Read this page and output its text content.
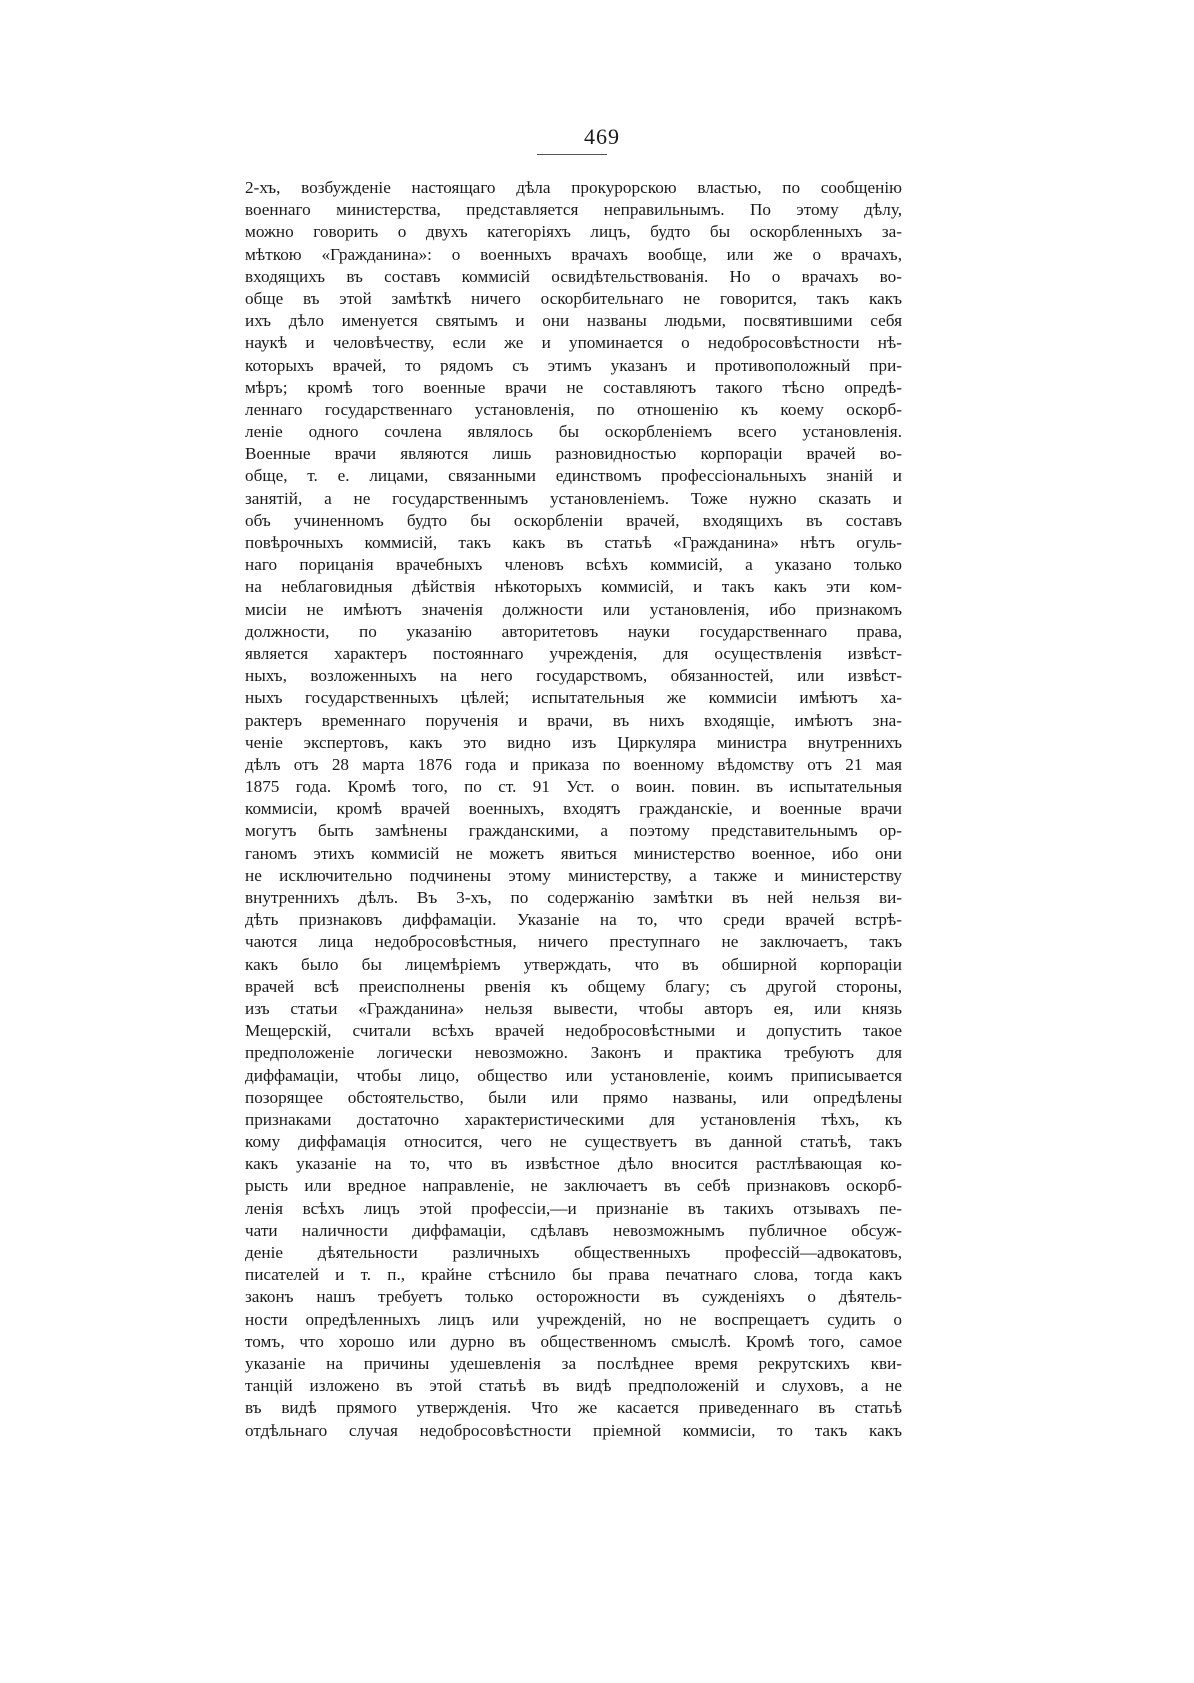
469
2-хъ, возбужденіе настоящаго дѣла прокурорскою властью, по сообщенію
военнаго министерства, представляется неправильнымъ. По этому дѣлу,
можно говорить о двухъ категоріяхъ лицъ, будто бы оскорбленныхъ за-
мѣткою «Гражданина»: о военныхъ врачахъ вообще, или же о врачахъ,
входящихъ въ составъ коммисій освидѣтельствованія. Но о врачахъ во-
обще въ этой замѣткѣ ничего оскорбительнаго не говорится, такъ какъ
ихъ дѣло именуется святымъ и они названы людьми, посвятившими себя
наукѣ и человѣчеству, если же и упоминается о недобросовѣстности нѣ-
которыхъ врачей, то рядомъ съ этимъ указанъ и противоположный при-
мѣръ; кромѣ того военные врачи не составляютъ такого тѣсно опредѣ-
леннаго государственнаго установленія, по отношенію къ коему оскорб-
леніе одного сочлена являлось бы оскорбленіемъ всего установленія.
Военные врачи являются лишь разновидностью корпораціи врачей во-
обще, т. е. лицами, связанными единствомъ профессіональныхъ знаній и
занятій, а не государственнымъ установленіемъ. Тоже нужно сказать и
объ учиненномъ будто бы оскорбленіи врачей, входящихъ въ составъ
повѣрочныхъ коммисій, такъ какъ въ статьѣ «Гражданина» нѣтъ огуль-
наго порицанія врачебныхъ членовъ всѣхъ коммисій, а указано только
на неблаговидныя дѣйствія нѣкоторыхъ коммисій, и такъ какъ эти ком-
мисіи не имѣютъ значенія должности или установленія, ибо признакомъ
должности, по указанію авторитетовъ науки государственнаго права,
является характеръ постояннаго учрежденія, для осуществленія извѣст-
ныхъ, возложенныхъ на него государствомъ, обязанностей, или извѣст-
ныхъ государственныхъ цѣлей; испытательныя же коммисіи имѣютъ ха-
рактеръ временнаго порученія и врачи, въ нихъ входящіе, имѣютъ зна-
ченіе экспертовъ, какъ это видно изъ Циркуляра министра внутреннихъ
дѣлъ отъ 28 марта 1876 года и приказа по военному вѣдомству отъ 21 мая
1875 года. Кромѣ того, по ст. 91 Уст. о воин. повин. въ испытательныя
коммисіи, кромѣ врачей военныхъ, входятъ гражданскіе, и военные врачи
могутъ быть замѣнены гражданскими, а поэтому представительнымъ ор-
ганомъ этихъ коммисій не можетъ явиться министерство военное, ибо они
не исключительно подчинены этому министерству, а также и министерству
внутреннихъ дѣлъ. Въ 3-хъ, по содержанію замѣтки въ ней нельзя ви-
дѣть признаковъ диффамаціи. Указаніе на то, что среди врачей встрѣ-
чаются лица недобросовѣстныя, ничего преступнаго не заключаетъ, такъ
какъ было бы лицемѣріемъ утверждать, что въ обширной корпораціи
врачей всѣ преисполнены рвенія къ общему благу; съ другой стороны,
изъ статьи «Гражданина» нельзя вывести, чтобы авторъ ея, или князь
Мещерскій, считали всѣхъ врачей недобросовѣстными и допустить такое
предположеніе логически невозможно. Законъ и практика требуютъ для
диффамаціи, чтобы лицо, общество или установленіе, коимъ приписывается
позорящее обстоятельство, были или прямо названы, или опредѣлены
признаками достаточно характеристическими для установленія тѣхъ, къ
кому диффамація относится, чего не существуетъ въ данной статьѣ, такъ
какъ указаніе на то, что въ извѣстное дѣло вносится растлѣвающая ко-
рысть или вредное направленіе, не заключаетъ въ себѣ признаковъ оскорб-
ленія всѣхъ лицъ этой профессіи,—и признаніе въ такихъ отзывахъ пе-
чати наличности диффамаціи, сдѣлавъ невозможнымъ публичное обсуж-
деніе дѣятельности различныхъ общественныхъ профессій—адвокатовъ,
писателей и т. п., крайне стѣснило бы права печатнаго слова, тогда какъ
законъ нашъ требуетъ только осторожности въ сужденіяхъ о дѣятель-
ности опредѣленныхъ лицъ или учрежденій, но не воспрещаетъ судить о
томъ, что хорошо или дурно въ общественномъ смыслѣ. Кромѣ того, самое
указаніе на причины удешевленія за послѣднее время рекрутскихъ кви-
танцій изложено въ этой статьѣ въ видѣ предположеній и слуховъ, а не
въ видѣ прямого утвержденія. Что же касается приведеннаго въ статьѣ
отдѣльнаго случая недобросовѣстности пріемной коммисіи, то такъ какъ
